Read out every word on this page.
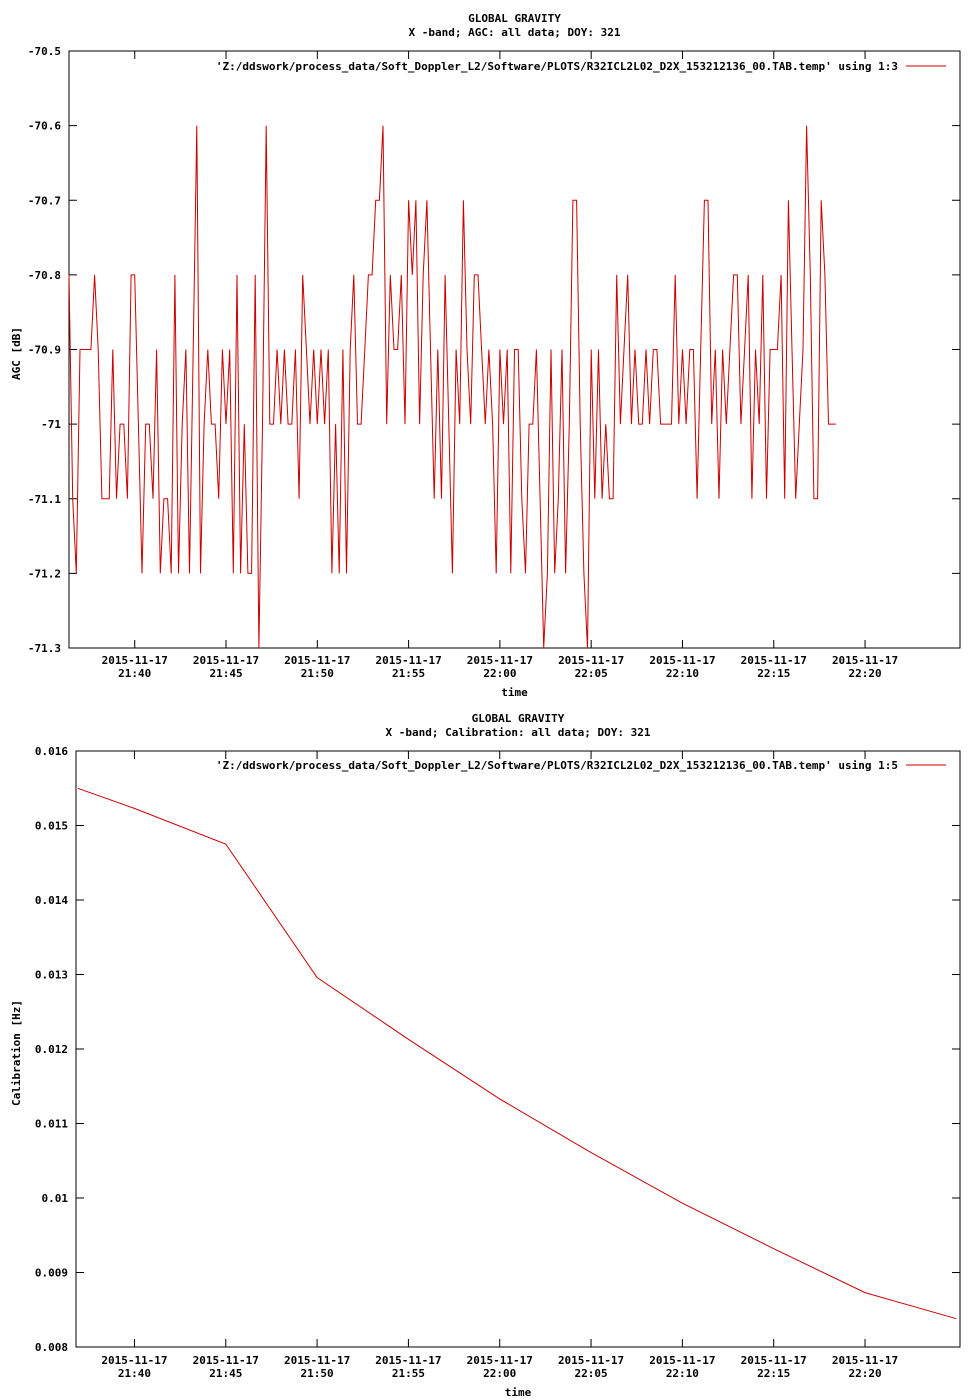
GLOBAL GRAVITY
X -band; AGC: all data; DOY: 321
-70.5
-70.6
-70.7
-70.8
-70.9
-71
-71.1
-71.2
-71.3
2015-11-17
21:40
2015-11-17
21:45
2015-11-17
21:50
2015-11-17
21:55
2015-11-17
22:00
2015-11-17
22:05
2015-11-17
22:10
2015-11-17
22:15
2015-11-17
22:20
time
AGC [dB]
'Z:/ddswork/process_data/Soft_Doppler_L2/Software/PLOTS/R32ICL2L02_D2X_153212136_00.TAB.temp' using 1:3
GLOBAL GRAVITY
X -band; Calibration: all data; DOY: 321
0.016
0.015
0.014
0.013
0.012
0.011
0.01
0.009
0.008
2015-11-17
21:40
2015-11-17
21:45
2015-11-17
21:50
2015-11-17
21:55
2015-11-17
22:00
2015-11-17
22:05
2015-11-17
22:10
2015-11-17
22:15
2015-11-17
22:20
time
Calibration [Hz]
'Z:/ddswork/process_data/Soft_Doppler_L2/Software/PLOTS/R32ICL2L02_D2X_153212136_00.TAB.temp' using 1:5
